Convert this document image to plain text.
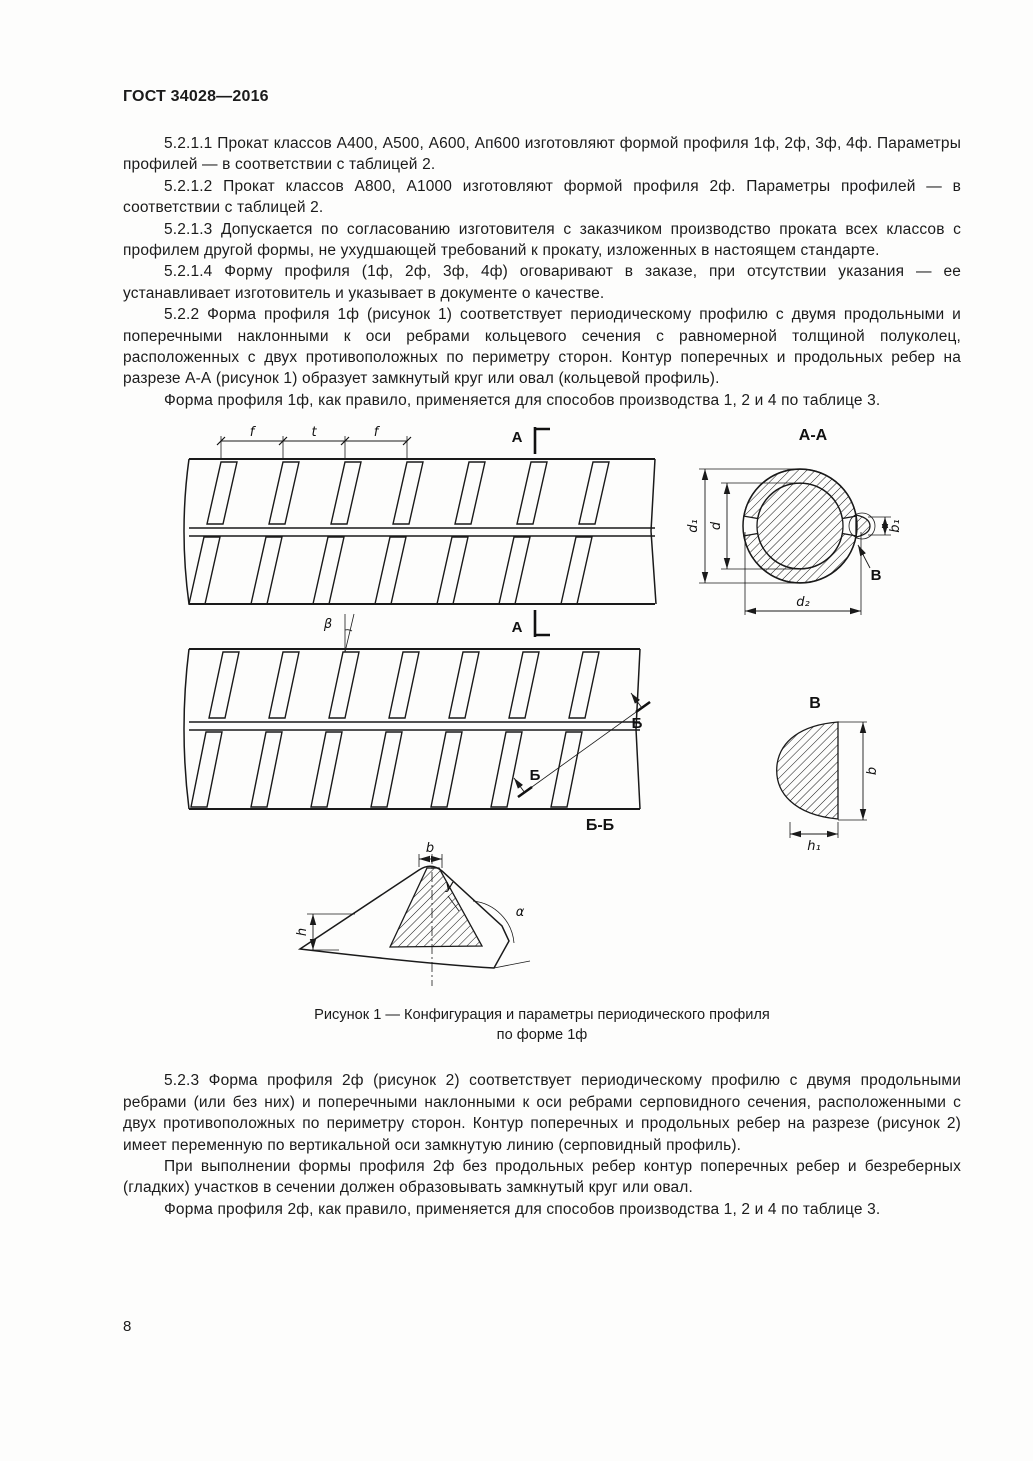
ГОСТ 34028—2016

5.2.1.1 Прокат классов А400, А500, А600, Ап600 изготовляют формой профиля 1ф, 2ф, 3ф, 4ф. Параметры профилей — в соответствии с таблицей 2.

5.2.1.2 Прокат классов А800, А1000 изготовляют формой профиля 2ф. Параметры профилей — в соответствии с таблицей 2.

5.2.1.3 Допускается по согласованию изготовителя с заказчиком производство проката всех классов с профилем другой формы, не ухудшающей требований к прокату, изложенных в настоящем стандарте.

5.2.1.4 Форму профиля (1ф, 2ф, 3ф, 4ф) оговаривают в заказе, при отсутствии указания — ее устанавливает изготовитель и указывает в документе о качестве.

5.2.2 Форма профиля 1ф (рисунок 1) соответствует периодическому профилю с двумя продольными и поперечными наклонными к оси ребрами кольцевого сечения с равномерной толщиной полуколец, расположенных с двух противоположных по периметру сторон. Контур поперечных и продольных ребер на разрезе А-А (рисунок 1) образует замкнутый круг или овал (кольцевой профиль).

Форма профиля 1ф, как правило, применяется для способов производства 1, 2 и 4 по таблице 3.

f	t	f	А
А
А-А
d₁ d
d₂
b₁
В
β
Б
Б
В
b
h₁
Б-Б
b
h
У
α
Рисунок 1 — Конфигурация и параметры периодического профиля
по форме 1ф

5.2.3 Форма профиля 2ф (рисунок 2) соответствует периодическому профилю с двумя продольными ребрами (или без них) и поперечными наклонными к оси ребрами серповидного сечения, расположенными с двух противоположных по периметру сторон. Контур поперечных и продольных ребер на разрезе (рисунок 2) имеет переменную по вертикальной оси замкнутую линию (серповидный профиль).

При выполнении формы профиля 2ф без продольных ребер контур поперечных ребер и безреберных (гладких) участков в сечении должен образовывать замкнутый круг или овал.

Форма профиля 2ф, как правило, применяется для способов производства 1, 2 и 4 по таблице 3.

8
